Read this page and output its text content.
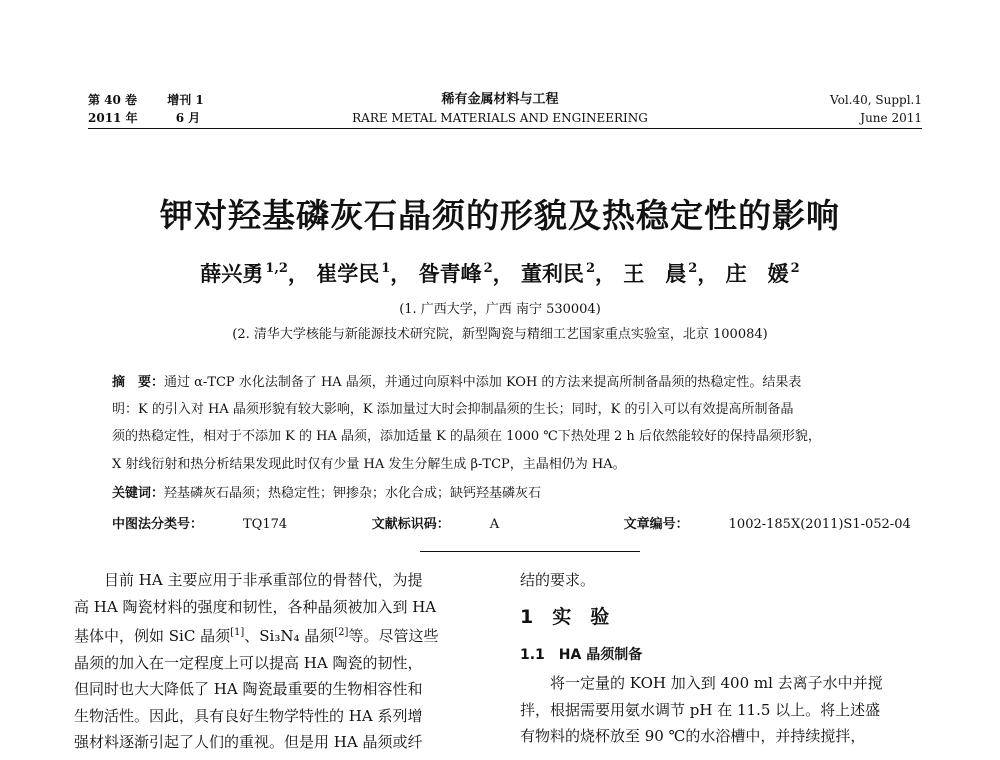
第 40 卷	增刊 1
2011 年	6 月
稀有金属材料与工程
RARE METAL MATERIALS AND ENGINEERING
Vol.40, Suppl.1
June 2011
钾对羟基磷灰石晶须的形貌及热稳定性的影响
薛兴勇 $^{1,2}$， 崔学民 $^1$， 昝青峰 $^2$， 董利民 $^2$， 王　晨 $^2$， 庄　媛 $^2$
(1. 广西大学，广西 南宁 530004)
(2. 清华大学核能与新能源技术研究院，新型陶瓷与精细工艺国家重点实验室，北京 100084)
摘　要：通过 α-TCP 水化法制备了 HA 晶须，并通过向原料中添加 KOH 的方法来提高所制备晶须的热稳定性。结果表
明：K 的引入对 HA 晶须形貌有较大影响，K 添加量过大时会抑制晶须的生长；同时，K 的引入可以有效提高所制备晶
须的热稳定性，相对于不添加 K 的 HA 晶须，添加适量 K 的晶须在 1000 ℃下热处理 2 h 后依然能较好的保持晶须形貌，
X 射线衍射和热分析结果发现此时仅有少量 HA 发生分解生成 β-TCP，主晶相仍为 HA。
关键词：羟基磷灰石晶须；热稳定性；钾掺杂；水化合成；缺钙羟基磷灰石
中图法分类号：	TQ174	文献标识码：	A	文章编号：	1002-185X(2011)S1-052-04

目前 HA 主要应用于非承重部位的骨替代，为提

高 HA 陶瓷材料的强度和韧性，各种晶须被加入到 HA

基体中，例如 SiC 晶须[1]、Si₃N₄ 晶须[2]等。尽管这些

晶须的加入在一定程度上可以提高 HA 陶瓷的韧性，

但同时也大大降低了 HA 陶瓷最重要的生物相容性和

生物活性。因此，具有良好生物学特性的 HA 系列增

强材料逐渐引起了人们的重视。但是用 HA 晶须或纤

结的要求。

1　实　验

1.1　HA 晶须制备

将一定量的 KOH 加入到 400 ml 去离子水中并搅

拌，根据需要用氨水调节 pH 在 11.5 以上。将上述盛

有物料的烧杯放至 90 ℃的水浴槽中，并持续搅拌，
